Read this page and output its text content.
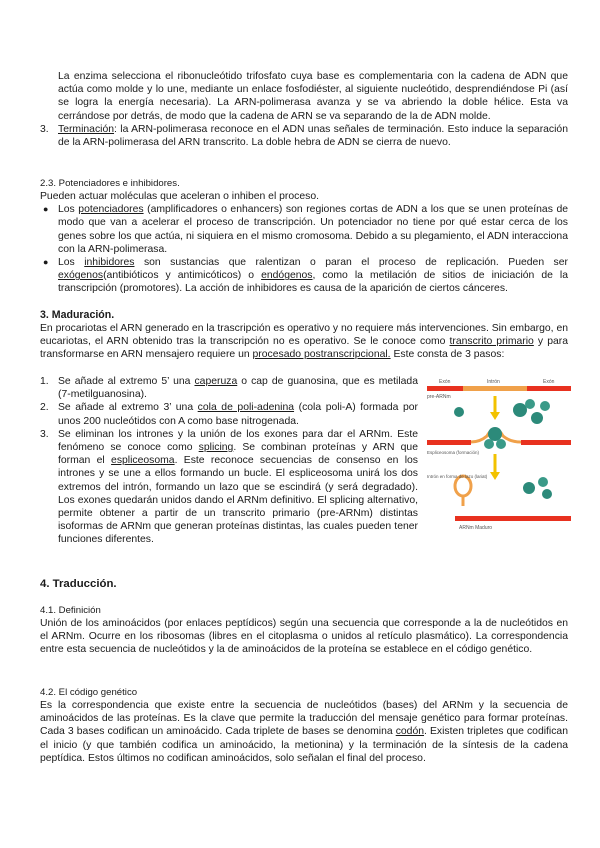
La enzima selecciona el ribonucleótido trifosfato cuya base es complementaria con la cadena de ADN que actúa como molde y lo une, mediante un enlace fosfodiéster, al siguiente nucleótido, desprendiéndose Pi (así se logra la energía necesaria). La ARN-polimerasa avanza y se va abriendo la doble hélice. Esta va cerrándose por detrás, de modo que la cadena de ARN se va separando de la de ADN molde.

3. Terminación: la ARN-polimerasa reconoce en el ADN unas señales de terminación. Esto induce la separación de la ARN-polimerasa del ARN transcrito. La doble hebra de ADN se cierra de nuevo.

2.3. Potenciadores e inhibidores.

Pueden actuar moléculas que aceleran o inhiben el proceso.

● Los potenciadores (amplificadores o enhancers) son regiones cortas de ADN a los que se unen proteínas de modo que van a acelerar el proceso de transcripción. Un potenciador no tiene por qué estar cerca de los genes sobre los que actúa, ni siquiera en el mismo cromosoma. Debido a su plegamiento, el ADN interacciona con la ARN-polimerasa.

● Los inhibidores son sustancias que ralentizan o paran el proceso de replicación. Pueden ser exógenos(antibióticos y antimicóticos) o endógenos, como la metilación de sitios de iniciación de la transcripción (promotores). La acción de inhibidores es causa de la aparición de ciertos cánceres.

3. Maduración.

En procariotas el ARN generado en la trascripción es operativo y no requiere más intervenciones. Sin embargo, en eucariotas, el ARN obtenido tras la transcripción no es operativo. Se le conoce como transcrito primario y para transformarse en ARN mensajero requiere un procesado postranscripcional. Este consta de 3 pasos:

1. Se añade al extremo 5’ una caperuza o cap de guanosina, que es metilada (7-metilguanosina).

2. Se añade al extremo 3’ una cola de poli-adenina (cola poli-A) formada por unos 200 nucleótidos con A como base nitrogenada.

3. Se eliminan los intrones y la unión de los exones para dar el ARNm. Este fenómeno se conoce como splicing. Se combinan proteínas y ARN que forman el espliceosoma. Este reconoce secuencias de consenso en los intrones y se une a ellos formando un bucle. El espliceosoma unirá los dos extremos del intrón, formando un lazo que se escindirá (y será degradado). Los exones quedarán unidos dando el ARNm definitivo. El splicing alternativo, permite obtener a partir de un transcrito primario (pre-ARNm) distintas isoformas de ARNm que generan proteínas distintas, las cuales pueden tener funciones diferentes.

Exón	Intrón	Exón
pre-ARNm
Espliceosoma (formación)
Intrón en forma de lazo (lariat)
ARNm Maduro
4. Traducción.
4.1. Definición

Unión de los aminoácidos (por enlaces peptídicos) según una secuencia que corresponde a la de nucleótidos en el ARNm. Ocurre en los ribosomas (libres en el citoplasma o unidos al retículo plasmático). La correspondencia entre esta secuencia de nucleótidos y la de aminoácidos de la proteína se establece en el código genético.

4.2. El código genético

Es la correspondencia que existe entre la secuencia de nucleótidos (bases) del ARNm y la secuencia de aminoácidos de las proteínas. Es la clave que permite la traducción del mensaje genético para formar proteínas. Cada 3 bases codifican un aminoácido. Cada triplete de bases se denomina codón. Existen tripletes que codifican el inicio (y que también codifica un aminoácido, la metionina) y la terminación de la síntesis de la cadena peptídica. Estos últimos no codifican aminoácidos, solo señalan el final del proceso.
